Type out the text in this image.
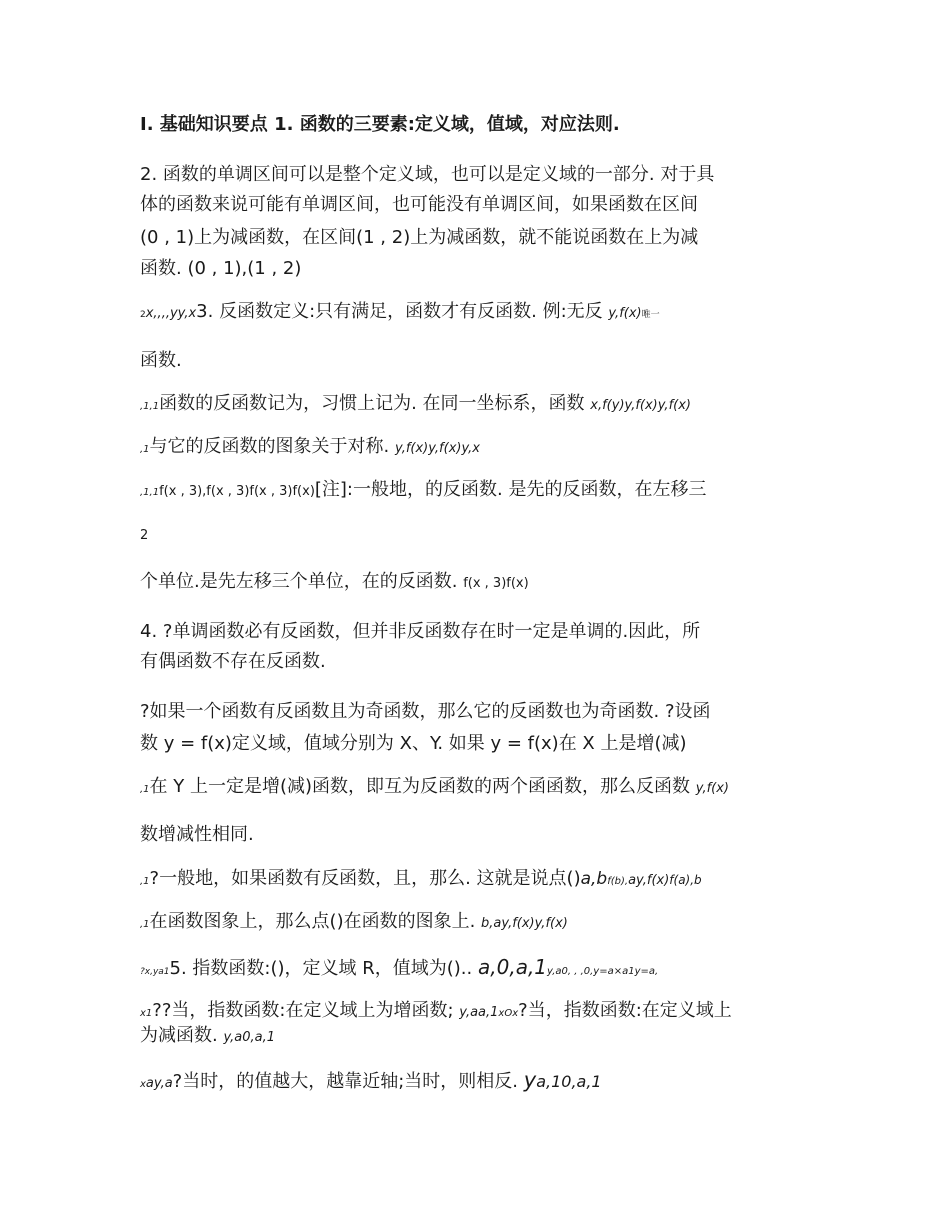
I. 基础知识要点 1. 函数的三要素:定义域，值域，对应法则.
2. 函数的单调区间可以是整个定义域，也可以是定义域的一部分. 对于具
体的函数来说可能有单调区间，也可能没有单调区间，如果函数在区间
(0 , 1)上为减函数，在区间(1 , 2)上为减函数，就不能说函数在上为减
函数. (0 , 1),(1 , 2)
2x,,,,yy,x3. 反函数定义:只有满足，函数才有反函数. 例:无反 y,f(x)唯一
函数.
,1,1函数的反函数记为，习惯上记为. 在同一坐标系，函数 x,f(y)y,f(x)y,f(x)
,1与它的反函数的图象关于对称. y,f(x)y,f(x)y,x
,1,1f(x , 3),f(x , 3)f(x , 3)f(x)[注]:一般地，的反函数. 是先的反函数，在左移三
2
个单位.是先左移三个单位，在的反函数. f(x , 3)f(x)
4. ?单调函数必有反函数，但并非反函数存在时一定是单调的.因此，所
有偶函数不存在反函数.
?如果一个函数有反函数且为奇函数，那么它的反函数也为奇函数. ?设函
数 y = f(x)定义域，值域分别为 X、Y. 如果 y = f(x)在 X 上是增(减)
,1在 Y 上一定是增(减)函数，即互为反函数的两个函函数，那么反函数 y,f(x)
数增减性相同.
,1?一般地，如果函数有反函数，且，那么. 这就是说点()a,bf(b),ay,f(x)f(a),b
,1在函数图象上，那么点()在函数的图象上. b,ay,f(x)y,f(x)
?x,ya15. 指数函数:()，定义域 R，值域为().. a,0,a,1y,a0, , ,0,y=a×a1y=a,
x1??当，指数函数:在定义域上为增函数; y,aa,1xOx?当，指数函数:在定义域上
为减函数. y,a0,a,1
xay,a?当时，的值越大，越靠近轴;当时，则相反. ya,10,a,1
